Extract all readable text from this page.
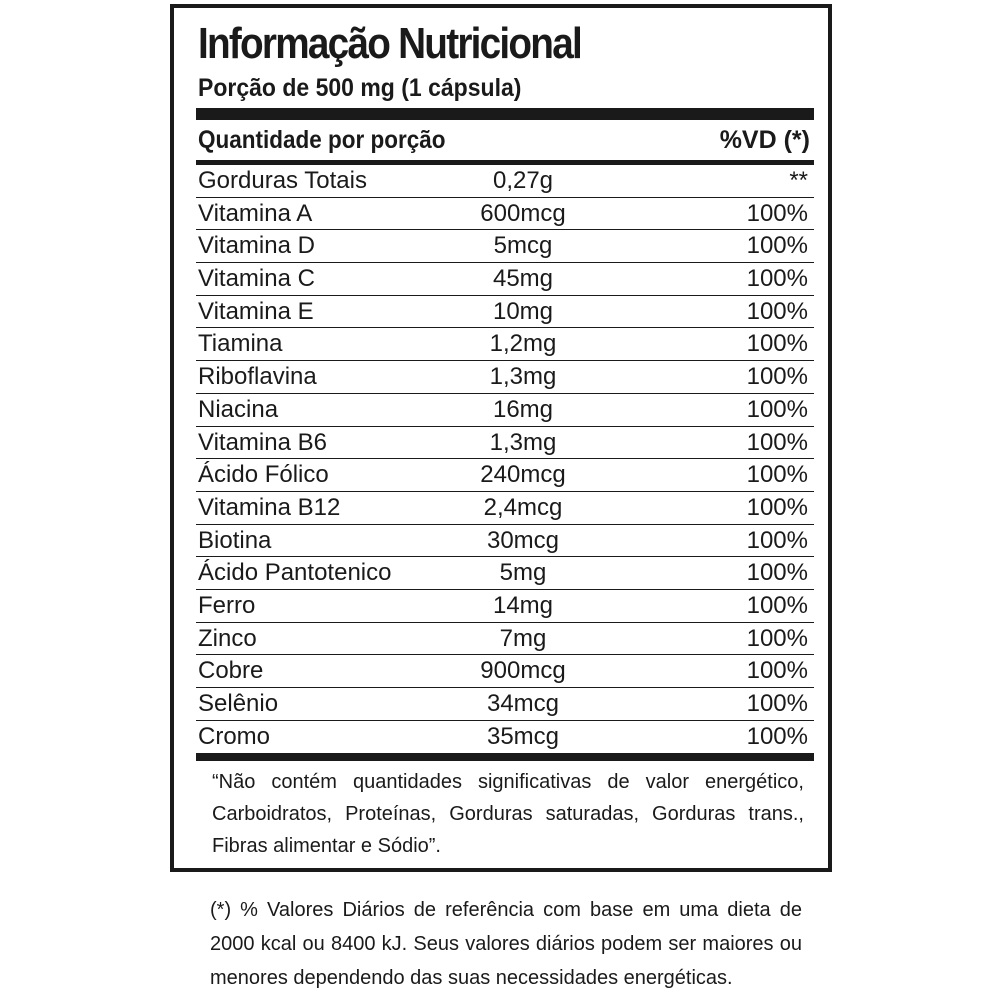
Informação Nutricional
Porção de 500 mg (1 cápsula)
Quantidade por porção	%VD (*)
Gorduras Totais	0,27g	**
Vitamina A	600mcg	100%
Vitamina D	5mcg	100%
Vitamina C	45mg	100%
Vitamina E	10mg	100%
Tiamina	1,2mg	100%
Riboflavina	1,3mg	100%
Niacina	16mg	100%
Vitamina B6	1,3mg	100%
Ácido Fólico	240mcg	100%
Vitamina B12	2,4mcg	100%
Biotina	30mcg	100%
Ácido Pantotenico	5mg	100%
Ferro	14mg	100%
Zinco	7mg	100%
Cobre	900mcg	100%
Selênio	34mcg	100%
Cromo	35mcg	100%
“Não contém quantidades significativas de valor energético, Carboidratos, Proteínas, Gorduras saturadas, Gorduras trans., Fibras alimentar e Sódio”.
(*) % Valores Diários de referência com base em uma dieta de 2000 kcal ou 8400 kJ. Seus valores diários podem ser maiores ou menores dependendo das suas necessidades energéticas.
